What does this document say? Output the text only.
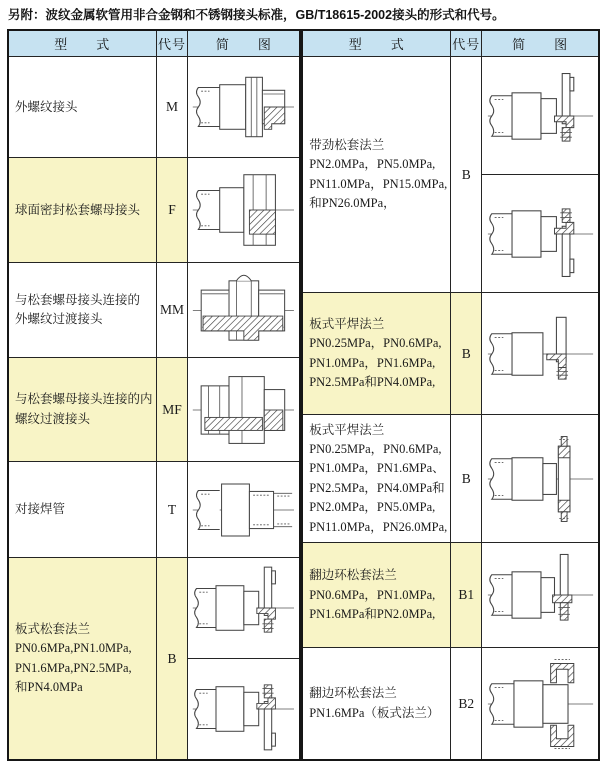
另附：波纹金属软管用非合金钢和不锈钢接头标准，GB/T18615-2002接头的形式和代号。
型　　式	代号	简　　图

外螺纹接头	M	

球面密封松套螺母接头	F	

与松套螺母接头连接的
外螺纹过渡接头	MM	

与松套螺母接头连接的内
螺纹过渡接头	MF	

对接焊管	T	

板式松套法兰
PN0.6MPa,PN1.0MPa,
PN1.6MPa,PN2.5MPa,
和PN4.0MPa	B	
型　　式	代号	简　　图

带劲松套法兰
PN2.0MPa，PN5.0MPa,
PN11.0MPa，PN15.0MPa,
和PN26.0MPa，	B	

板式平焊法兰
PN0.25MPa，PN0.6MPa,
PN1.0MPa，PN1.6MPa,
PN2.5MPa和PN4.0MPa,	B	

板式平焊法兰
PN0.25MPa，PN0.6MPa,
PN1.0MPa，PN1.6MPa、
PN2.5MPa，PN4.0MPa和
PN2.0MPa，PN5.0MPa,
PN11.0MPa，PN26.0MPa,
	B	

翻边环松套法兰
PN0.6MPa，PN1.0MPa,
PN1.6MPa和PN2.0MPa,	B1	

翻边环松套法兰
PN1.6MPa（板式法兰）	B2	
